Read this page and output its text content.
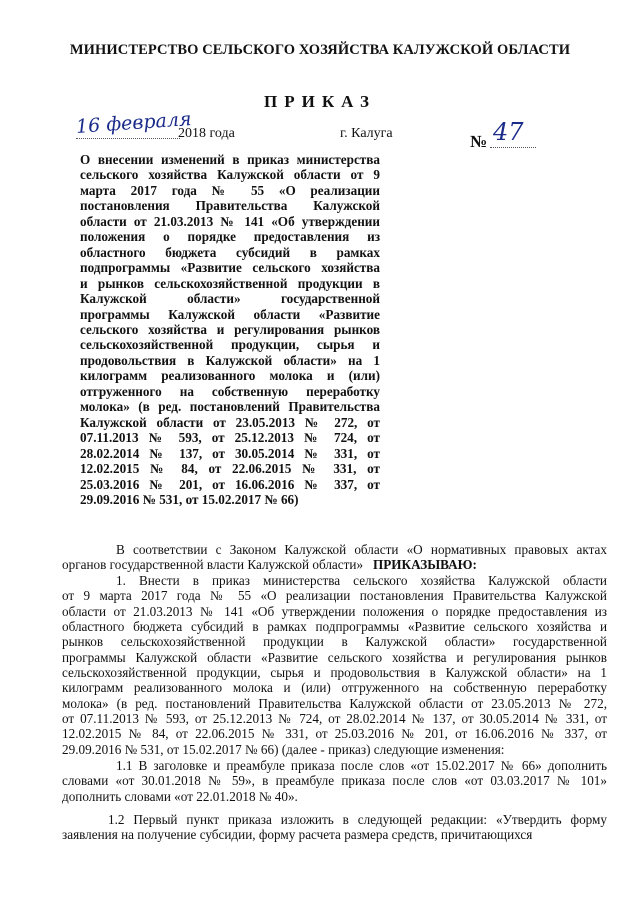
МИНИСТЕРСТВО СЕЛЬСКОГО ХОЗЯЙСТВА КАЛУЖСКОЙ ОБЛАСТИ
ПРИКАЗ
16 февраля
2018 года	г. Калуга	№ 47
О внесении изменений в приказ министерства
сельского хозяйства Калужской области от 9
марта 2017 года № 55 «О реализации
постановления Правительства Калужской
области от 21.03.2013 № 141 «Об утверждении
положения о порядке предоставления из
областного бюджета субсидий в рамках
подпрограммы «Развитие сельского хозяйства
и рынков сельскохозяйственной продукции в
Калужской области» государственной
программы Калужской области «Развитие
сельского хозяйства и регулирования рынков
сельскохозяйственной продукции, сырья и
продовольствия в Калужской области» на 1
килограмм реализованного молока и (или)
отгруженного на собственную переработку
молока» (в ред. постановлений Правительства
Калужской области от 23.05.2013 № 272, от
07.11.2013 № 593, от 25.12.2013 № 724, от
28.02.2014 № 137, от 30.05.2014 № 331, от
12.02.2015 № 84, от 22.06.2015 № 331, от
25.03.2016 № 201, от 16.06.2016 № 337, от
29.09.2016 № 531, от 15.02.2017 № 66)
В соответствии с Законом Калужской области «О нормативных правовых актах
органов государственной власти Калужской области» ПРИКАЗЫВАЮ:
1. Внести в приказ министерства сельского хозяйства Калужской области
от 9 марта 2017 года № 55 «О реализации постановления Правительства Калужской
области от 21.03.2013 № 141 «Об утверждении положения о порядке предоставления из
областного бюджета субсидий в рамках подпрограммы «Развитие сельского хозяйства и
рынков сельскохозяйственной продукции в Калужской области» государственной
программы Калужской области «Развитие сельского хозяйства и регулирования рынков
сельскохозяйственной продукции, сырья и продовольствия в Калужской области» на 1
килограмм реализованного молока и (или) отгруженного на собственную переработку
молока» (в ред. постановлений Правительства Калужской области от 23.05.2013 № 272,
от 07.11.2013 № 593, от 25.12.2013 № 724, от 28.02.2014 № 137, от 30.05.2014 № 331, от
12.02.2015 № 84, от 22.06.2015 № 331, от 25.03.2016 № 201, от 16.06.2016 № 337, от
29.09.2016 № 531, от 15.02.2017 № 66) (далее - приказ) следующие изменения:
1.1 В заголовке и преамбуле приказа после слов «от 15.02.2017 № 66» дополнить
словами «от 30.01.2018 № 59», в преамбуле приказа после слов «от 03.03.2017 № 101»
дополнить словами «от 22.01.2018 № 40».
1.2 Первый пункт приказа изложить в следующей редакции: «Утвердить форму
заявления на получение субсидии, форму расчета размера средств, причитающихся
